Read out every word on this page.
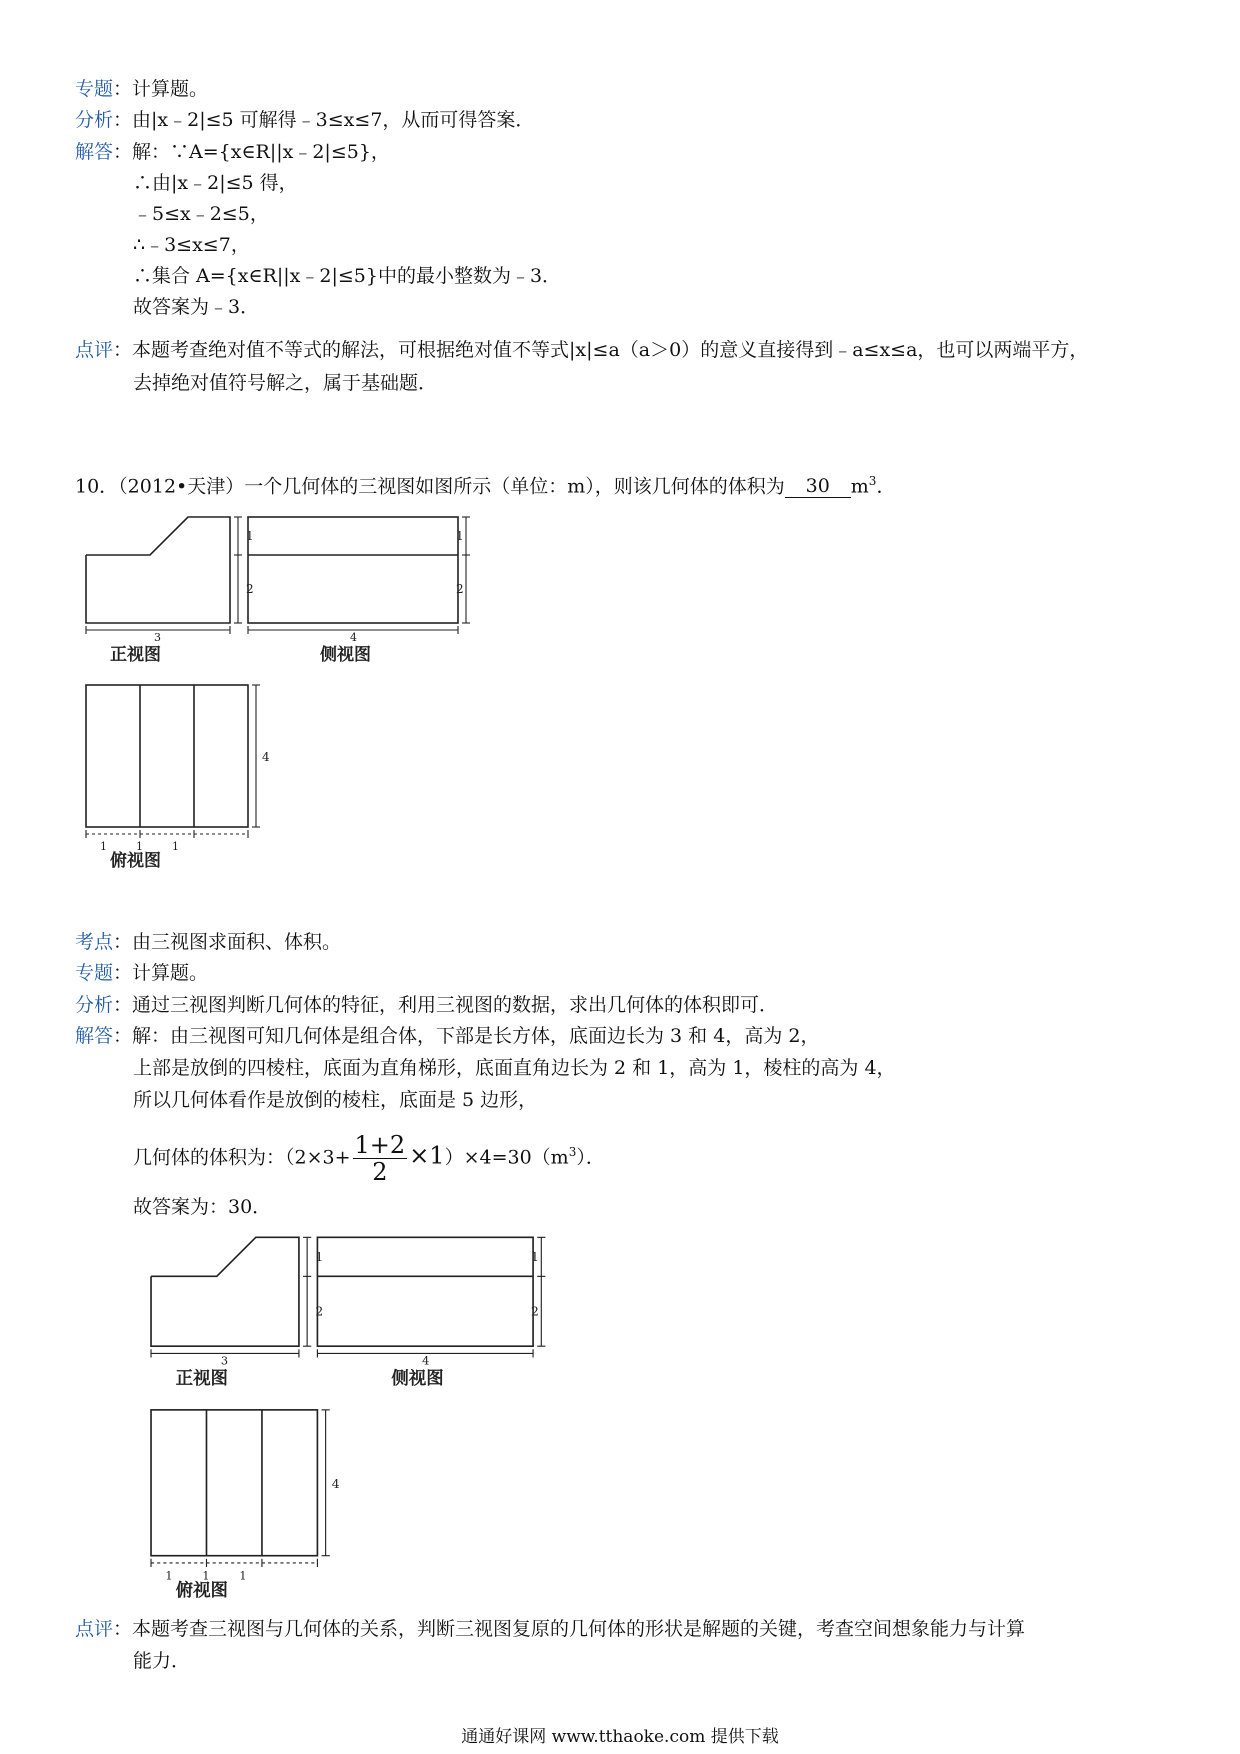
专题：计算题。
分析：由|x﹣2|≤5 可解得﹣3≤x≤7，从而可得答案．
解答：解：∵A={x∈R||x﹣2|≤5}，
∴由|x﹣2|≤5 得，
﹣5≤x﹣2≤5，
∴﹣3≤x≤7，
∴集合 A={x∈R||x﹣2|≤5}中的最小整数为﹣3．
故答案为﹣3．
点评：本题考查绝对值不等式的解法，可根据绝对值不等式|x|≤a（a＞0）的意义直接得到﹣a≤x≤a，也可以两端平方，
去掉绝对值符号解之，属于基础题．
10．（2012•天津）一个几何体的三视图如图所示（单位：m），则该几何体的体积为 30 $m^3$．
1
2
3
正视图
1
2
4
侧视图
4
1	1	1
俯视图
考点：由三视图求面积、体积。
专题：计算题。
分析：通过三视图判断几何体的特征，利用三视图的数据，求出几何体的体积即可．
解答：解：由三视图可知几何体是组合体，下部是长方体，底面边长为 3 和 4，高为 2，
上部是放倒的四棱柱，底面为直角梯形，底面直角边长为 2 和 1，高为 1，棱柱的高为 4，
所以几何体看作是放倒的棱柱，底面是 5 边形，
几何体的体积为：$(2\times 3+ \frac{1+2}{2} \times 1)\times 4=30(m^3)$．
故答案为：30．
1
2
3
正视图
1
2
4
侧视图
4
1	1	1
俯视图
点评：本题考查三视图与几何体的关系，判断三视图复原的几何体的形状是解题的关键，考查空间想象能力与计算
能力．
通通好课网 www.tthaoke.com 提供下载
